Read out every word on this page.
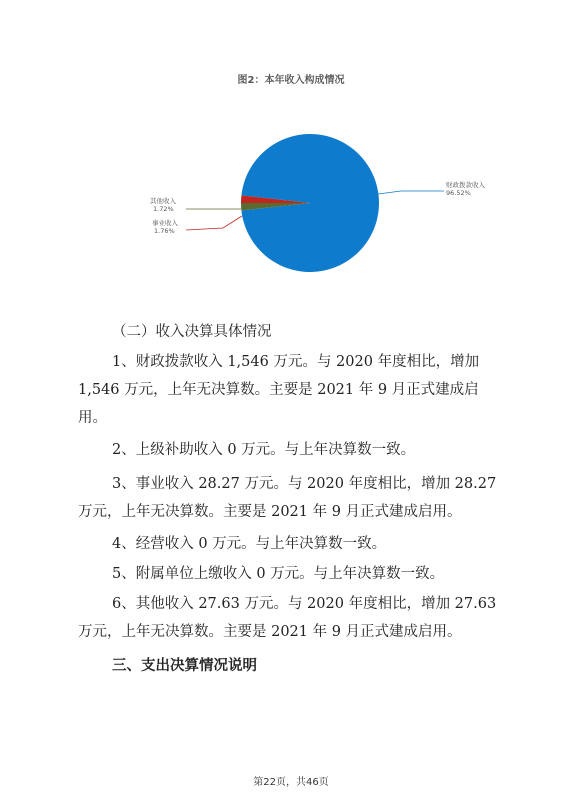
图2：本年收入构成情况
财政拨款收入
96.52%
其他收入
1.72%
事业收入
1.76%

（二）收入决算具体情况

1、财政拨款收入 1,546 万元。与 2020 年度相比，增加 1,546 万元，上年无决算数。主要是 2021 年 9 月正式建成启用。

2、上级补助收入 0 万元。与上年决算数一致。

3、事业收入 28.27 万元。与 2020 年度相比，增加 28.27 万元，上年无决算数。主要是 2021 年 9 月正式建成启用。

4、经营收入 0 万元。与上年决算数一致。

5、附属单位上缴收入 0 万元。与上年决算数一致。

6、其他收入 27.63 万元。与 2020 年度相比，增加 27.63 万元，上年无决算数。主要是 2021 年 9 月正式建成启用。

三、支出决算情况说明

第22页，共46页
